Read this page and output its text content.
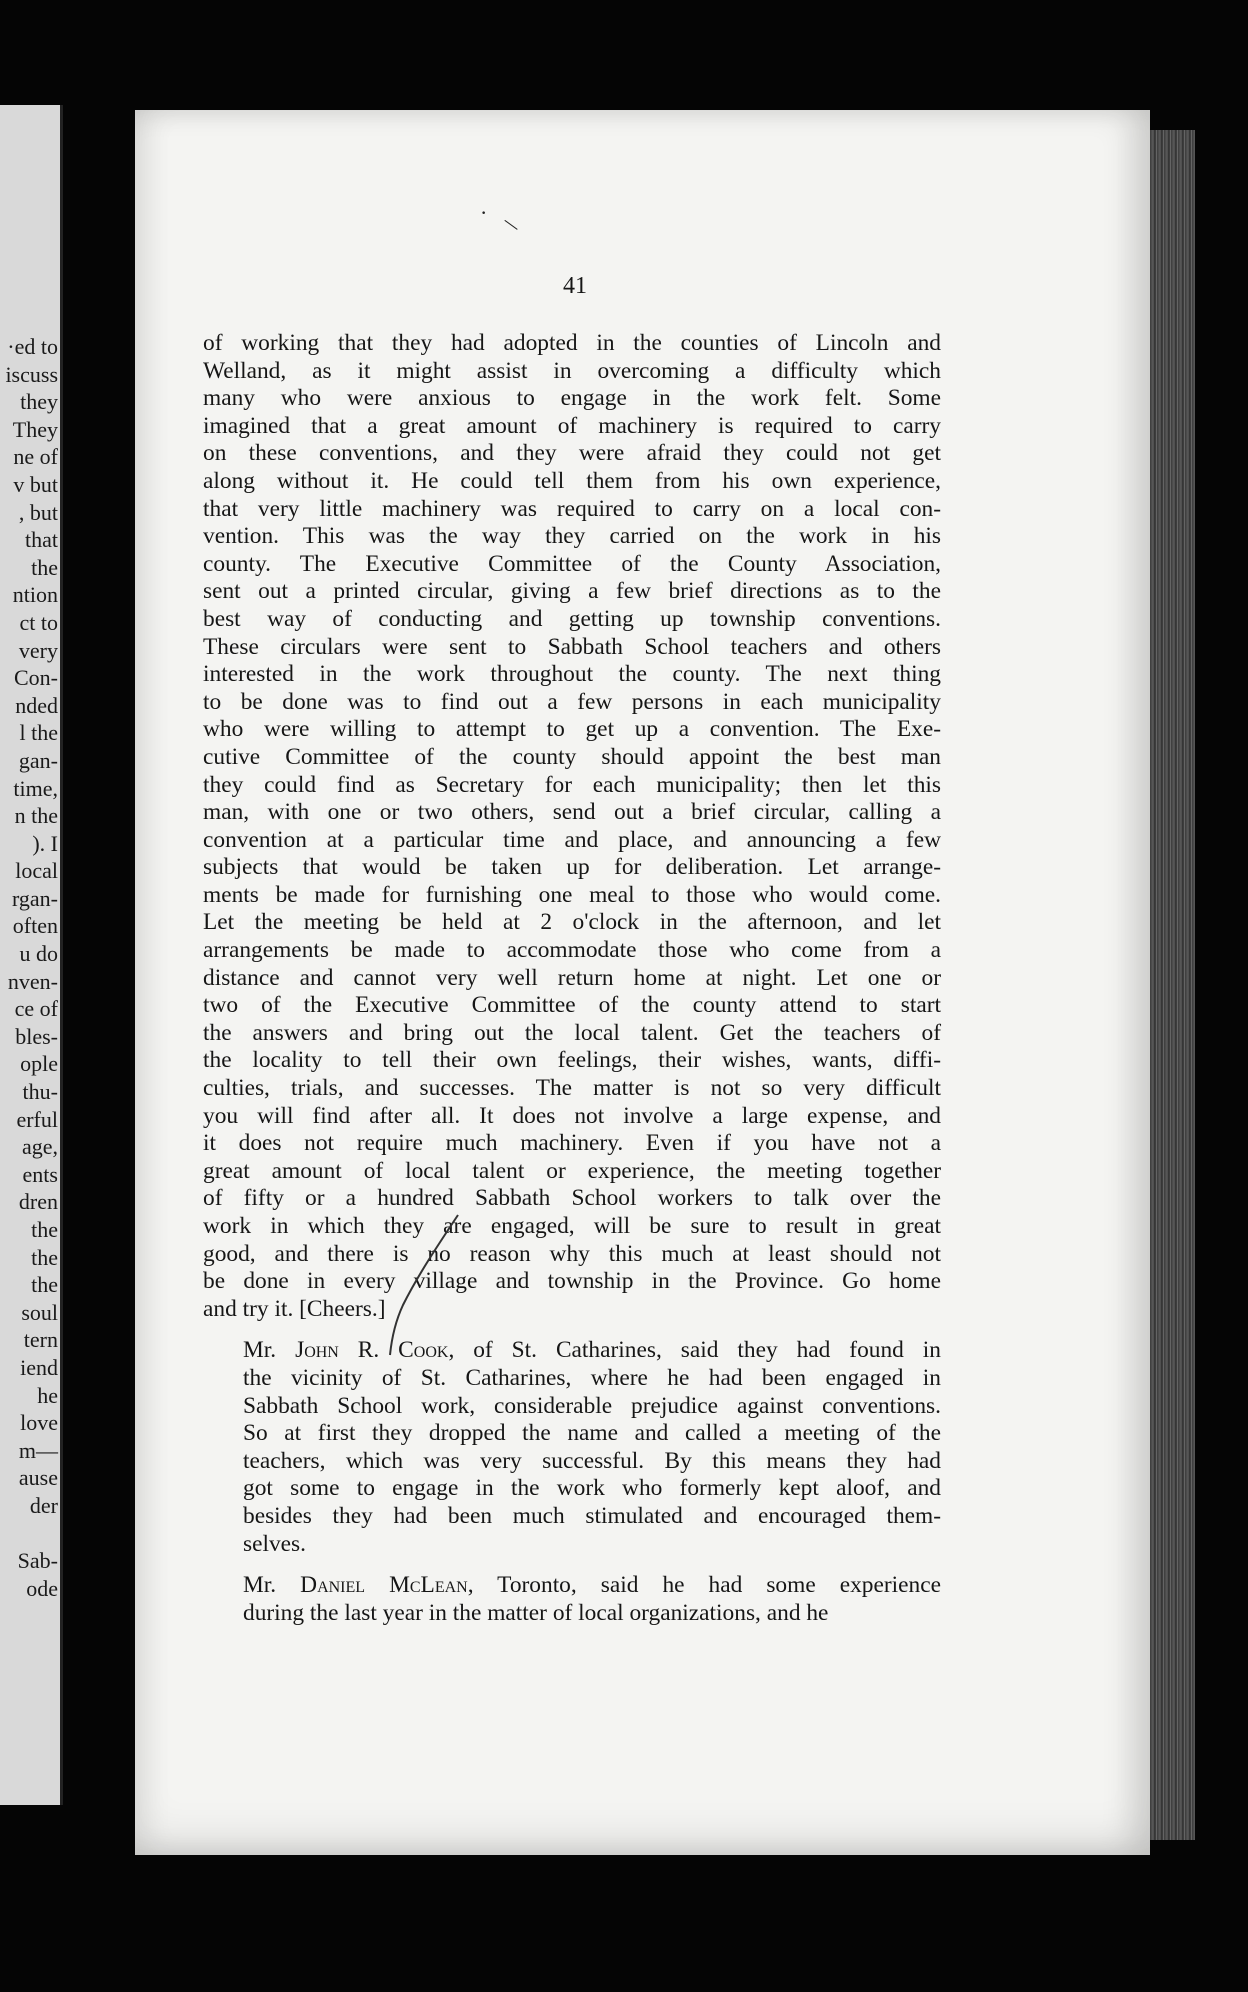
·ed to
iscuss
they
They
ne of
v but
, but
that
the
ntion
ct to
very
Con-
nded
l the
gan-
time,
n the
). I
local
rgan-
often
u do
nven-
ce of
bles-
ople
thu-
erful
age,
ents
dren
the
the
the
soul
tern
iend
he
love
m—
ause
der

Sab-
ode
· \
41

of working that they had adopted in the counties of Lincoln and
Welland, as it might assist in overcoming a difficulty which
many who were anxious to engage in the work felt. Some
imagined that a great amount of machinery is required to carry
on these conventions, and they were afraid they could not get
along without it. He could tell them from his own experience,
that very little machinery was required to carry on a local con-
vention. This was the way they carried on the work in his
county. The Executive Committee of the County Association,
sent out a printed circular, giving a few brief directions as to the
best way of conducting and getting up township conventions.
These circulars were sent to Sabbath School teachers and others
interested in the work throughout the county. The next thing
to be done was to find out a few persons in each municipality
who were willing to attempt to get up a convention. The Exe-
cutive Committee of the county should appoint the best man
they could find as Secretary for each municipality; then let this
man, with one or two others, send out a brief circular, calling a
convention at a particular time and place, and announcing a few
subjects that would be taken up for deliberation. Let arrange-
ments be made for furnishing one meal to those who would come.
Let the meeting be held at 2 o'clock in the afternoon, and let
arrangements be made to accommodate those who come from a
distance and cannot very well return home at night. Let one or
two of the Executive Committee of the county attend to start
the answers and bring out the local talent. Get the teachers of
the locality to tell their own feelings, their wishes, wants, diffi-
culties, trials, and successes. The matter is not so very difficult
you will find after all. It does not involve a large expense, and
it does not require much machinery. Even if you have not a
great amount of local talent or experience, the meeting together
of fifty or a hundred Sabbath School workers to talk over the
work in which they are engaged, will be sure to result in great
good, and there is no reason why this much at least should not
be done in every village and township in the Province. Go home
and try it. [Cheers.]

Mr. John R. Cook, of St. Catharines, said they had found in
the vicinity of St. Catharines, where he had been engaged in
Sabbath School work, considerable prejudice against conventions.
So at first they dropped the name and called a meeting of the
teachers, which was very successful. By this means they had
got some to engage in the work who formerly kept aloof, and
besides they had been much stimulated and encouraged them-
selves.

Mr. Daniel McLean, Toronto, said he had some experience
during the last year in the matter of local organizations, and he
